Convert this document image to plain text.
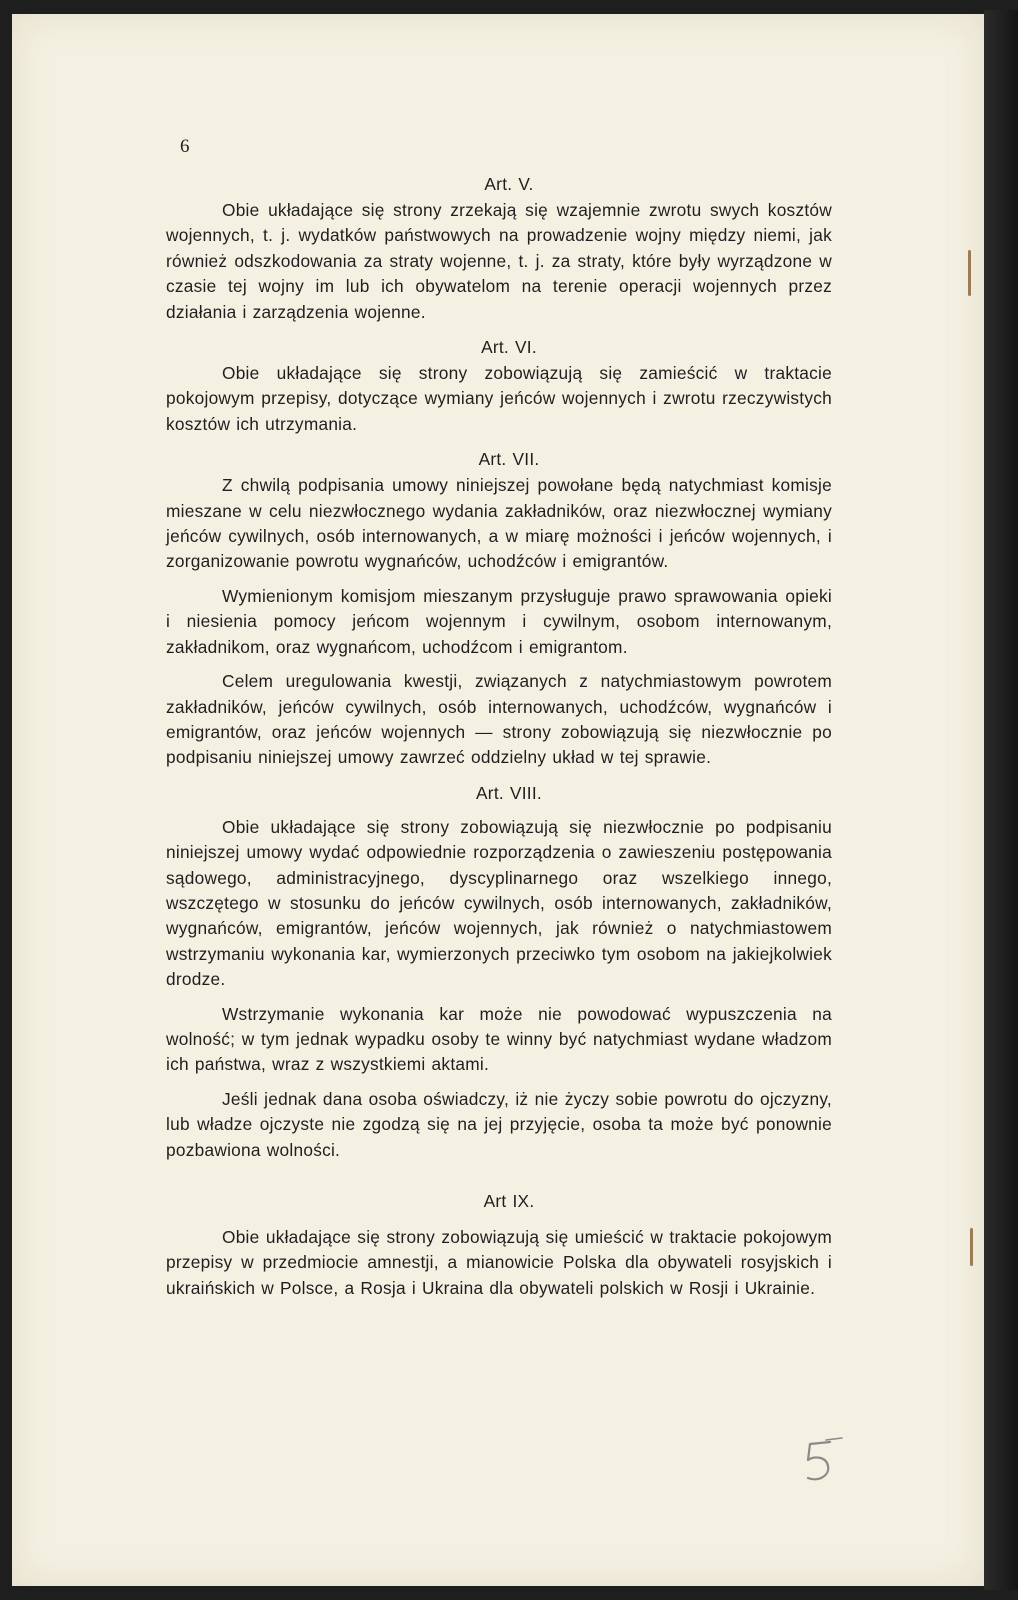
6
Art. V.

Obie układające się strony zrzekają się wzajemnie zwrotu swych kosztów wojennych, t. j. wydatków państwowych na prowadzenie wojny między niemi, jak również odszkodowania za straty wojenne, t. j. za straty, które były wyrządzone w czasie tej wojny im lub ich obywatelom na terenie operacji wojennych przez działania i zarządzenia wojenne.

Art. VI.

Obie układające się strony zobowiązują się zamieścić w traktacie pokojowym przepisy, dotyczące wymiany jeńców wojennych i zwrotu rzeczywistych kosztów ich utrzymania.

Art. VII.

Z chwilą podpisania umowy niniejszej powołane będą natychmiast komisje mieszane w celu niezwłocznego wydania zakładników, oraz niezwłocznej wymiany jeńców cywilnych, osób internowanych, a w miarę możności i jeńców wojennych, i zorganizowanie powrotu wygnańców, uchodźców i emigrantów.

Wymienionym komisjom mieszanym przysługuje prawo sprawowania opieki i niesienia pomocy jeńcom wojennym i cywilnym, osobom internowanym, zakładnikom, oraz wygnańcom, uchodźcom i emigrantom.

Celem uregulowania kwestji, związanych z natychmiastowym powrotem zakładników, jeńców cywilnych, osób internowanych, uchodźców, wygnańców i emigrantów, oraz jeńców wojennych — strony zobowiązują się niezwłocznie po podpisaniu niniejszej umowy zawrzeć oddzielny układ w tej sprawie.

Art. VIII.

Obie układające się strony zobowiązują się niezwłocznie po podpisaniu niniejszej umowy wydać odpowiednie rozporządzenia o zawieszeniu postępowania sądowego, administracyjnego, dyscyplinarnego oraz wszelkiego innego, wszczętego w stosunku do jeńców cywilnych, osób internowanych, zakładników, wygnańców, emigrantów, jeńców wojennych, jak również o natychmiastowem wstrzymaniu wykonania kar, wymierzonych przeciwko tym osobom na jakiejkolwiek drodze.

Wstrzymanie wykonania kar może nie powodować wypuszczenia na wolność; w tym jednak wypadku osoby te winny być natychmiast wydane władzom ich państwa, wraz z wszystkiemi aktami.

Jeśli jednak dana osoba oświadczy, iż nie życzy sobie powrotu do ojczyzny, lub władze ojczyste nie zgodzą się na jej przyjęcie, osoba ta może być ponownie pozbawiona wolności.

Art IX.

Obie układające się strony zobowiązują się umieścić w traktacie pokojowym przepisy w przedmiocie amnestji, a mianowicie Polska dla obywateli rosyjskich i ukraińskich w Polsce, a Rosja i Ukraina dla obywateli polskich w Rosji i Ukrainie.

5
